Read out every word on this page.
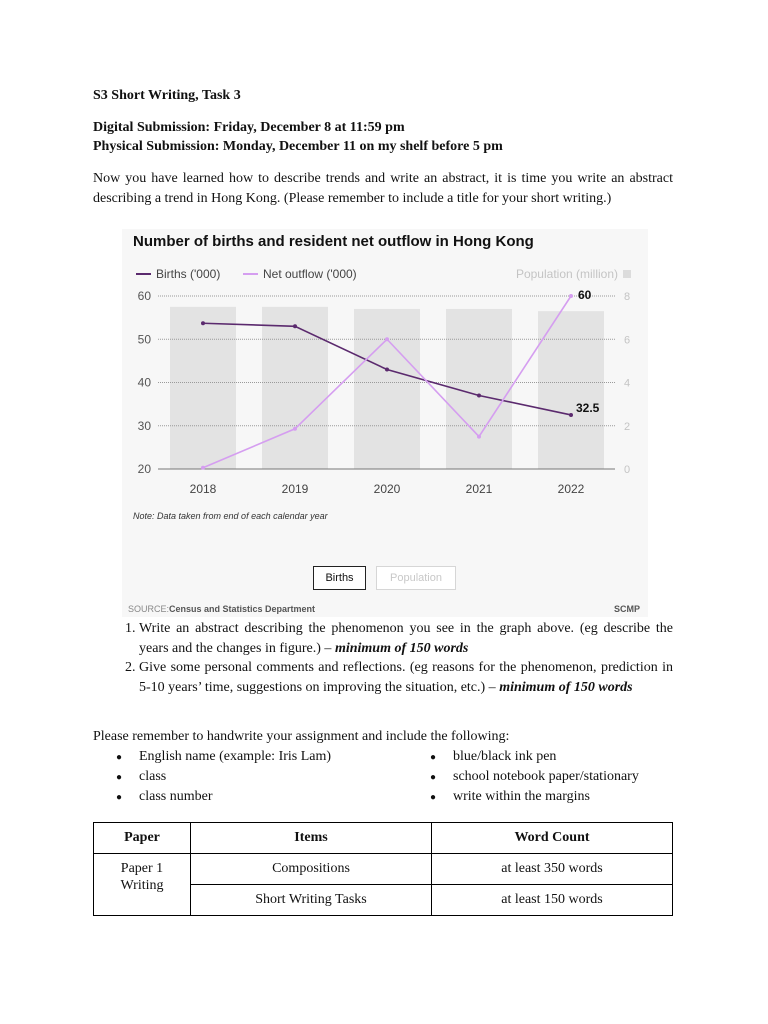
S3 Short Writing, Task 3
Digital Submission: Friday, December 8 at 11:59 pm
Physical Submission: Monday, December 11 on my shelf before 5 pm
Now you have learned how to describe trends and write an abstract, it is time you write an abstract describing a trend in Hong Kong. (Please remember to include a title for your short writing.)
Number of births and resident net outflow in Hong Kong
Births ('000)	Net outflow ('000)	Population (million)
60
50
40
30
20
8
6
4
2
0
2018	2019	2020	2021	2022
60
32.5
Note: Data taken from end of each calendar year
SOURCE: Census and Statistics Department	SCMP
Births	Population
1. Write an abstract describing the phenomenon you see in the graph above. (eg describe the years and the changes in figure.) – minimum of 150 words
2. Give some personal comments and reflections. (eg reasons for the phenomenon, prediction in 5-10 years’ time, suggestions on improving the situation, etc.) – minimum of 150 words
Please remember to handwrite your assignment and include the following:
● English name (example: Iris Lam)
● class
● class number
● blue/black ink pen
● school notebook paper/stationary
● write within the margins
Paper	Items	Word Count
Paper 1 Writing	Compositions	at least 350 words
	Short Writing Tasks	at least 150 words
